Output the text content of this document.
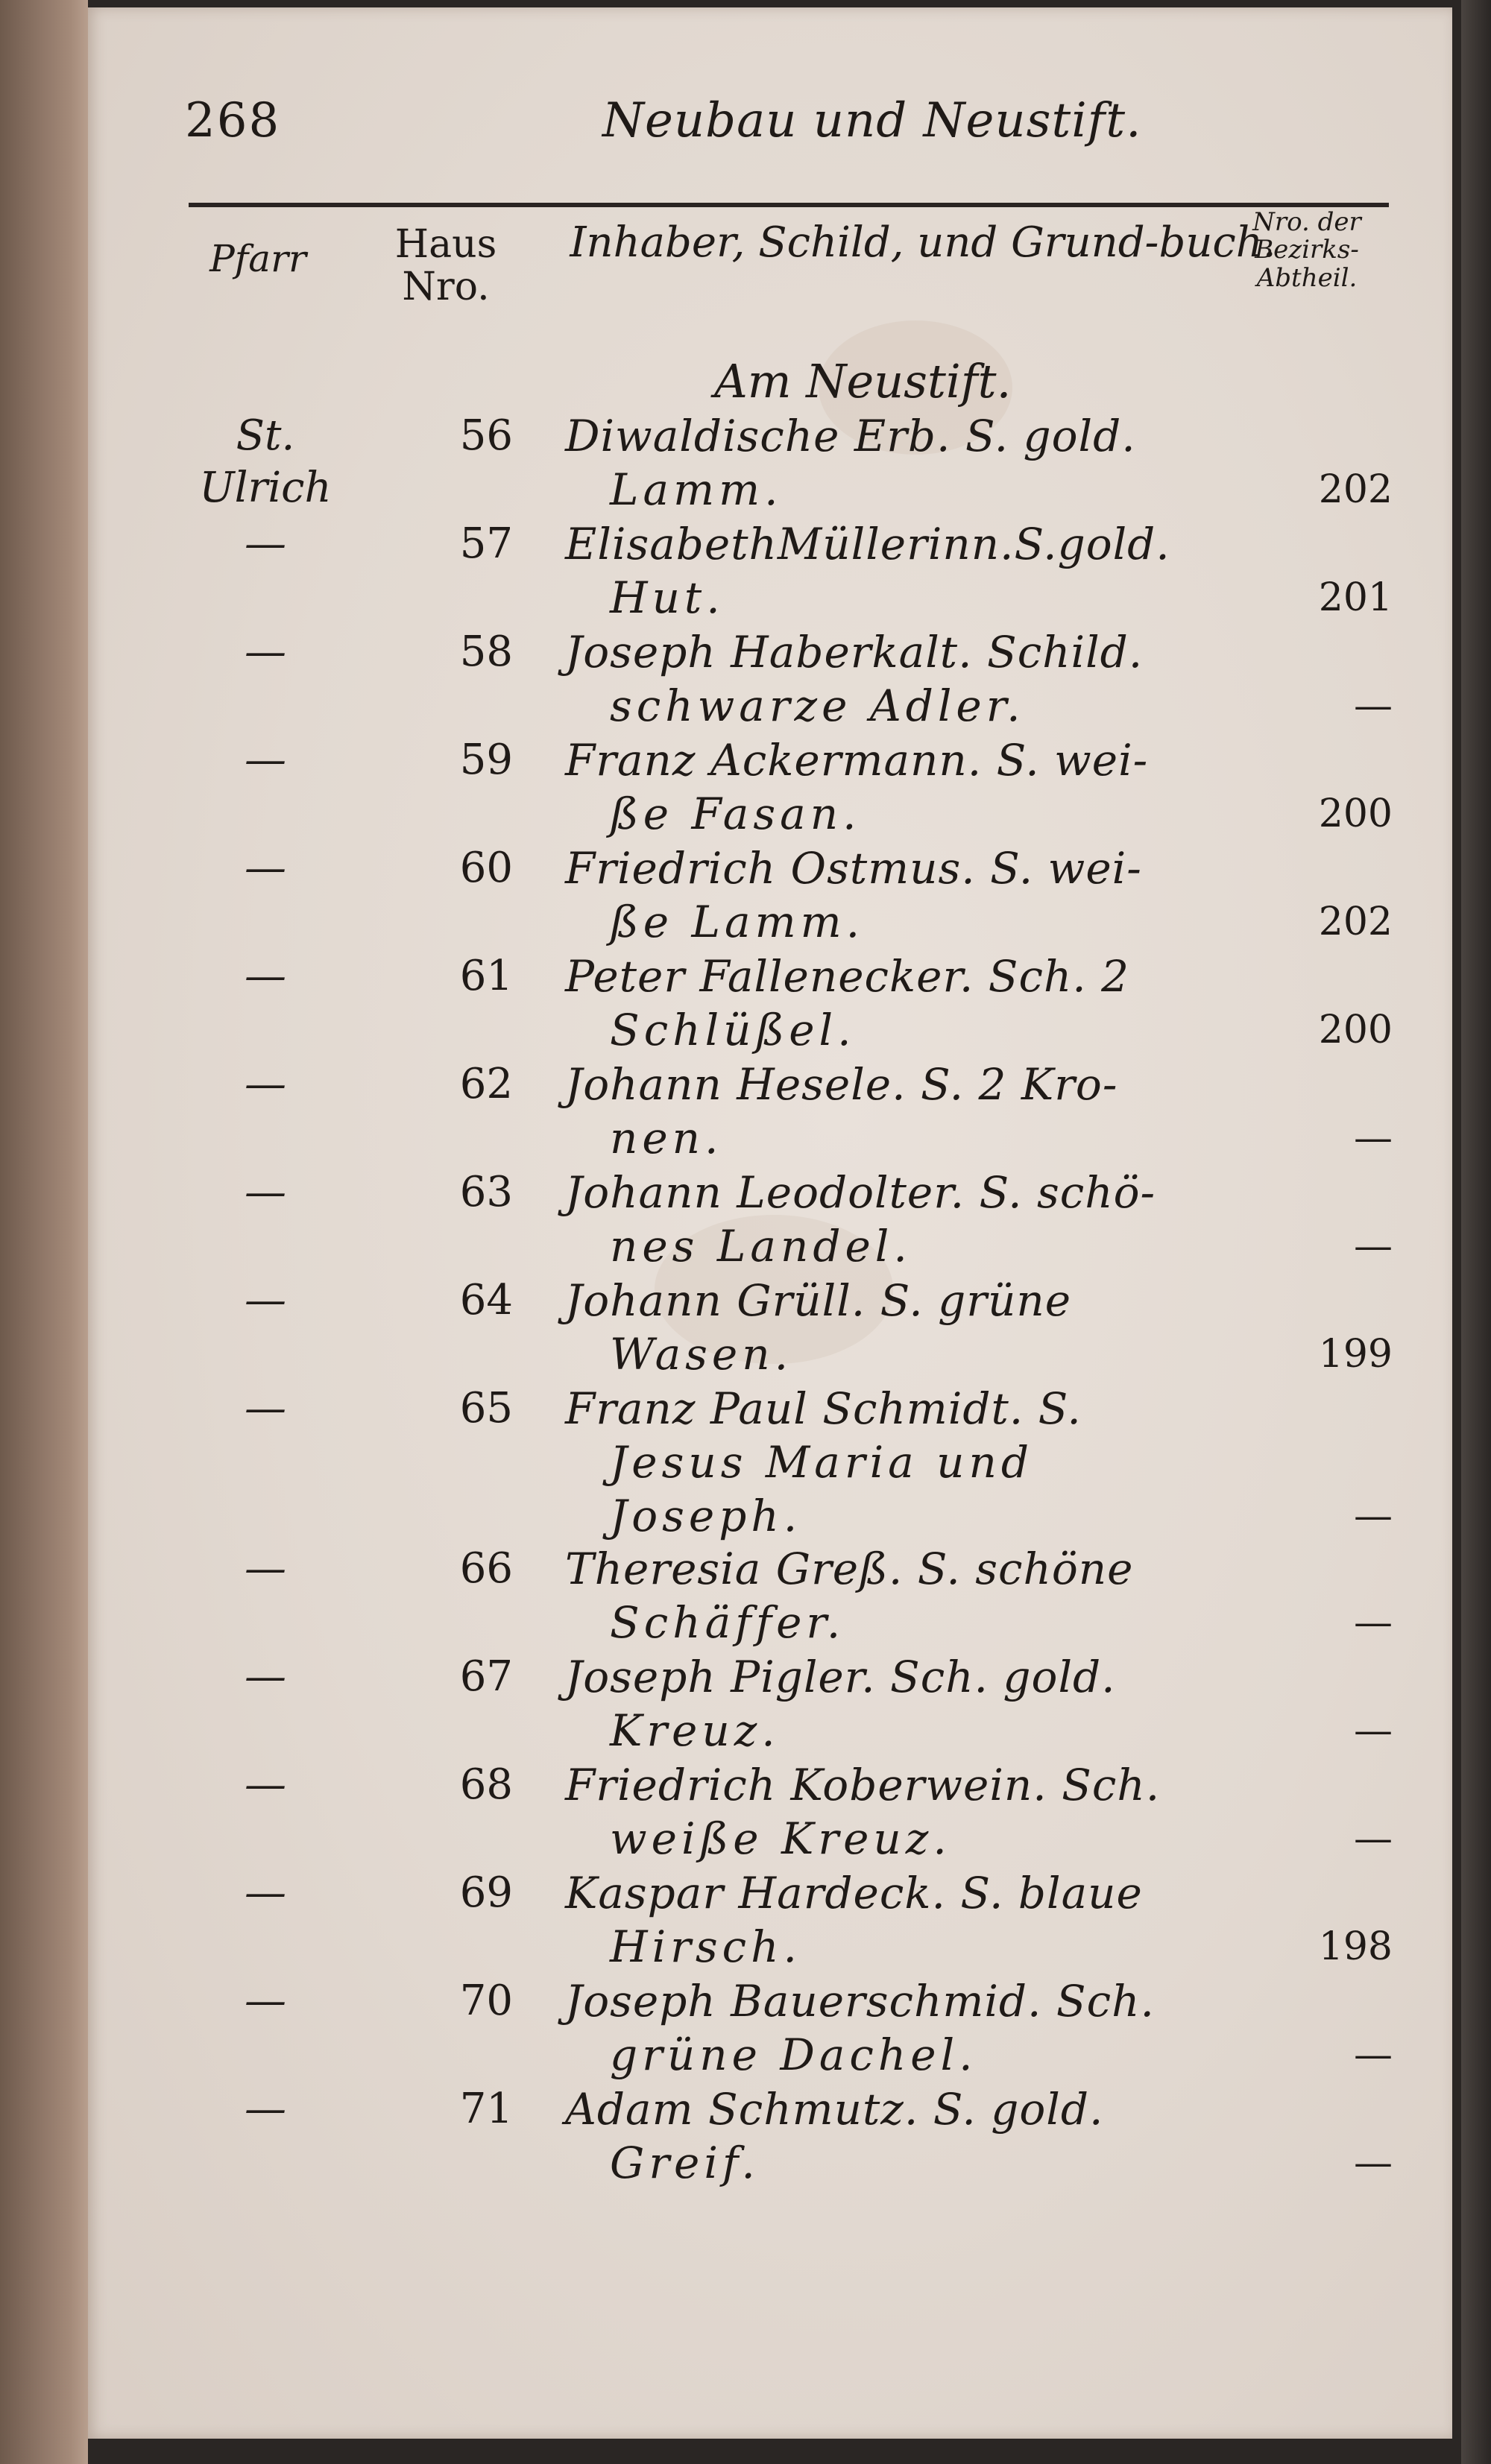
268	Neubau und Neustift.
Pfarr	Haus
Nro.
Inhaber, Schild, und Grund-buch.
Nro. der
Bezirks-
Abtheil.
Am Neustift.
St.
Ulrich
56 Diwaldische Erb. S. gold.
Lamm.	202
—	57 ElisabethMüllerinn.S.gold.
Hut.	201
—	58 Joseph Haberkalt. Schild.
schwarze Adler.	—
—	59 Franz Ackermann. S. wei-
ße Fasan.	200
—	60 Friedrich Ostmus. S. wei-
ße Lamm.	202
—	61 Peter Fallenecker. Sch. 2
Schlüßel.	200
—	62 Johann Hesele. S. 2 Kro-
nen.	—
—	63 Johann Leodolter. S. schö-
nes Landel.	—
—	64 Johann Grüll. S. grüne
Wasen.	199
—	65 Franz Paul Schmidt. S.
Jesus Maria und
Joseph.	—
—	66 Theresia Greß. S. schöne
Schäffer.	—
—	67 Joseph Pigler. Sch. gold.
Kreuz.	—
—	68 Friedrich Koberwein. Sch.
weiße Kreuz.	—
—	69 Kaspar Hardeck. S. blaue
Hirsch.	198
—	70 Joseph Bauerschmid. Sch.
grüne Dachel.	—
—	71 Adam Schmutz. S. gold.
Greif.	—
